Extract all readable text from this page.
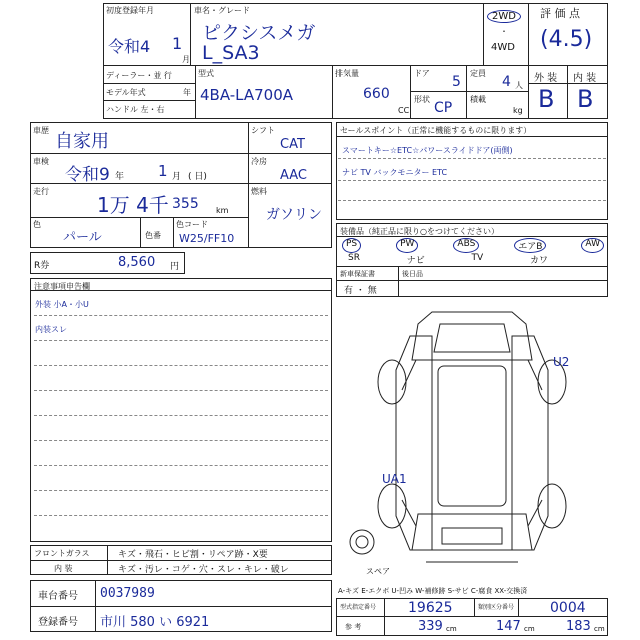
初度登録年月
令和4 1
月
車名・グレード
ピクシスメガ
L_SA3
2WD
・
4WD
評 価 点
(4.5)
ディーラー・並 行
モデル年式	年
ハンドル 左・右
型式
4BA-LA700A
排気量
660
CC
ドア
5
定員
4 人
形状
CP
積載
kg
外 装 内 装
B B
車歴
自家用
車検
令和9 年 1 月 ( 日)
走行
1万 4千 355 km
色
パール	色番
色コード
W25/FF10
シフト
CAT
冷房
AAC
燃料
ガソリン
R券	8,560 円
セールスポイント（正常に機能するものに限ります）
スマートキー☆ETC☆パワースライドドア(両側)
ナビ TV バックモニター ETC
装備品（純正品に限り○をつけてください）
PS	PW	ABS	エアB	AW
SR	ナビ	TV	カワ
新車保証書
有 ・ 無
後日品
注意事項申告欄
外装 小A・小U
内装スレ
U2
UA1
スペア
A-キズ E-エクボ U-凹み W-補修跡 S-サビ C-腐食 XX-交換済
フロントガラス	キズ・飛石・ヒビ割・リペア跡・X要
内 装	キズ・汚レ・コゲ・穴・スレ・キレ・破レ
車台番号 0037989
登録番号 市川 580 い 6921
型式指定番号 19625	類別区分番号	0004
参 考	339 cm	147 cm 183 cm
